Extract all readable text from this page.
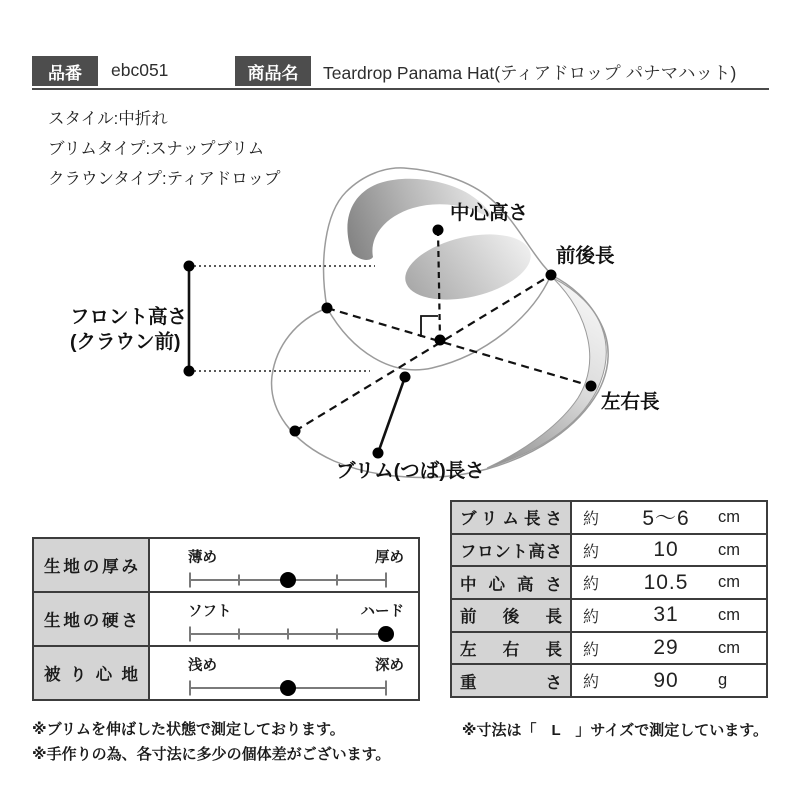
品番 ebc051	商品名 Teardrop Panama Hat(ティアドロップ パナマハット)
スタイル:中折れ
ブリムタイプ:スナップブリム
クラウンタイプ:ティアドロップ
中心高さ
前後長
左右長
ブリム(つば)長さ
フロント高さ
(クラウン前)
生地の厚み	薄め	厚め
生地の硬さ	ソフト	ハード
被り心地	浅め	深め
ブリム長さ	約	5〜6	cm
フロント高さ	約	10	cm
中心高さ	約	10.5	cm
前後長	約	31	cm
左右長	約	29	cm
重さ	約	90	g
※ブリムを伸ばした状態で測定しております。
※手作りの為、各寸法に多少の個体差がございます。
※寸法は「　L　」サイズで測定しています。
